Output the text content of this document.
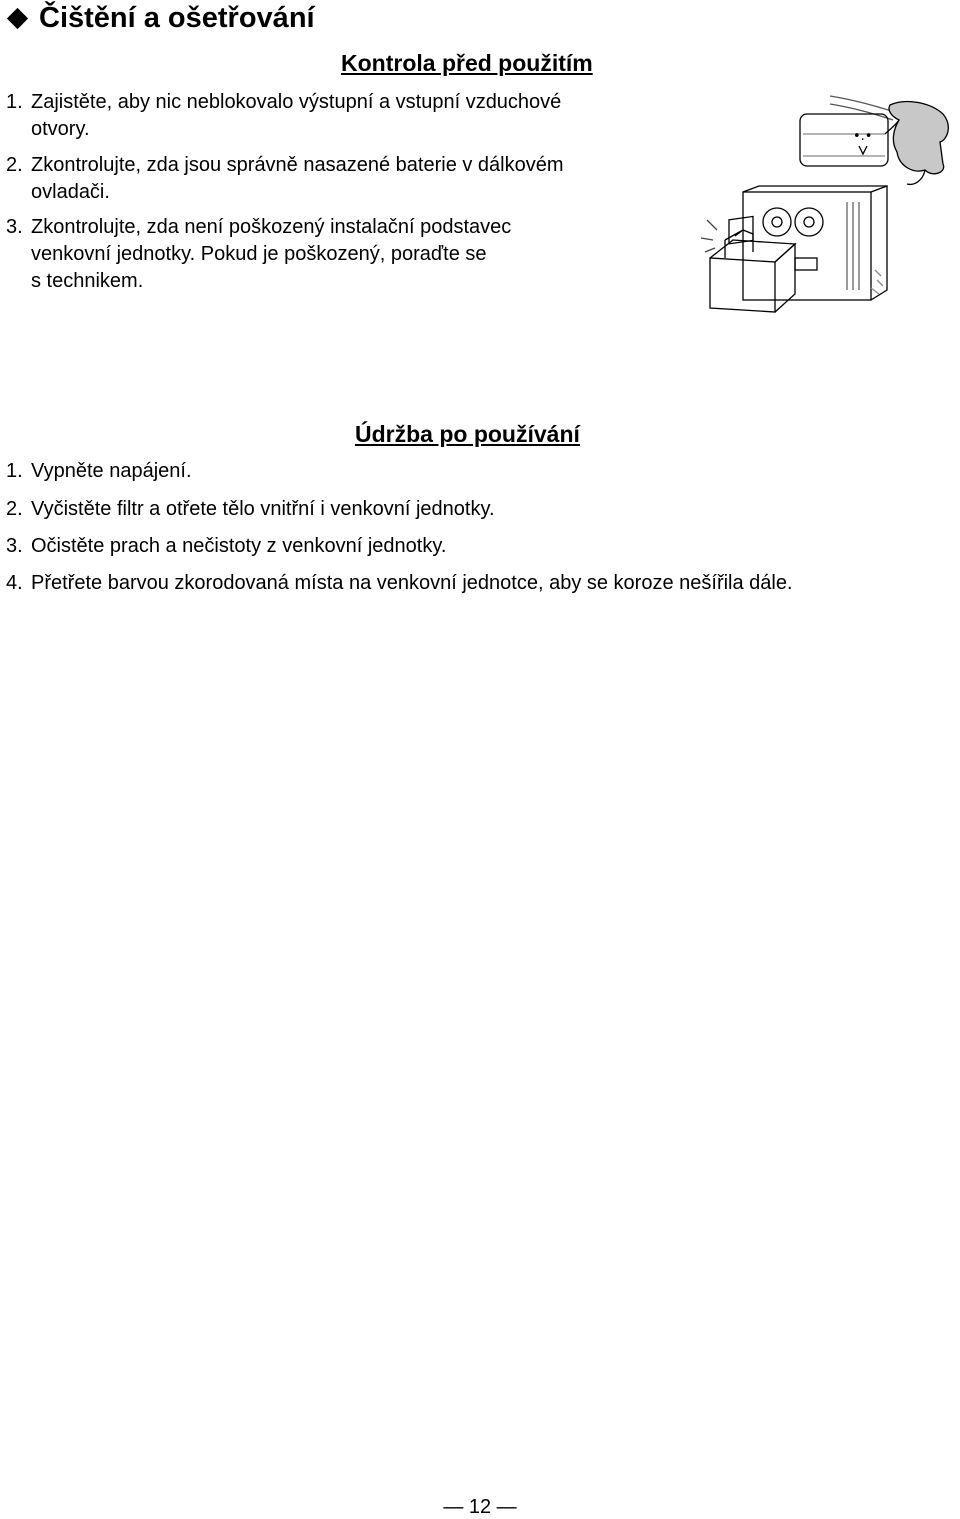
Čištění a ošetřování
Kontrola před použitím
1. Zajistěte, aby nic neblokovalo výstupní a vstupní vzduchové
otvory.
2. Zkontrolujte, zda jsou správně nasazené baterie v dálkovém
ovladači.
3. Zkontrolujte, zda není poškozený instalační podstavec
venkovní jednotky. Pokud je poškozený, poraďte se
s technikem.
•.•
Údržba po používání
1. Vypněte napájení.
2. Vyčistěte filtr a otřete tělo vnitřní i venkovní jednotky.
3. Očistěte prach a nečistoty z venkovní jednotky.
4. Přetřete barvou zkorodovaná místa na venkovní jednotce, aby se koroze nešířila dále.
— 12 —
